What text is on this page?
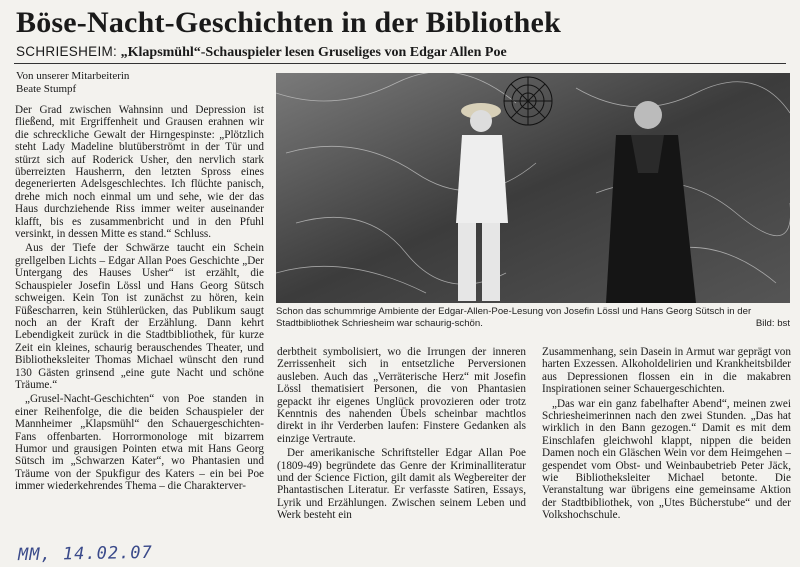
Böse-Nacht-Geschichten in der Bibliothek
SCHRIESHEIM: „Klapsmühl“-Schauspieler lesen Gruseliges von Edgar Allen Poe
Von unserer Mitarbeiterin
Beate Stumpf

Der Grad zwischen Wahnsinn und Depression ist fließend, mit Ergriffenheit und Grausen erahnen wir die schreckliche Gewalt der Hirngespinste: „Plötzlich steht Lady Madeline blutüberströmt in der Tür und stürzt sich auf Roderick Usher, den nervlich stark überreizten Hausherrn, den letzten Spross eines degenerierten Adelsgeschlechtes. Ich flüchte panisch, drehe mich noch einmal um und sehe, wie der das Haus durchziehende Riss immer weiter auseinander klafft, bis es zusammenbricht und in den Pfuhl versinkt, in dessen Mitte es stand.“ Schluss.

Aus der Tiefe der Schwärze taucht ein Schein grellgelben Lichts – Edgar Allan Poes Geschichte „Der Untergang des Hauses Usher“ ist erzählt, die Schauspieler Josefin Lössl und Hans Georg Sütsch schweigen. Kein Ton ist zunächst zu hören, kein Füßescharren, kein Stühlerücken, das Publikum saugt noch an der Kraft der Erzählung. Dann kehrt Lebendigkeit zurück in die Stadtbibliothek, für kurze Zeit ein kleines, schaurig berauschendes Theater, und Bibliotheksleiter Thomas Michael wünscht den rund 130 Gästen grinsend „eine gute Nacht und schöne Träume.“

„Grusel-Nacht-Geschichten“ von Poe standen in einer Reihenfolge, die die beiden Schauspieler der Mannheimer „Klapsmühl“ den Schauergeschichten-Fans offenbarten. Horrormonologe mit bizarrem Humor und grausigen Pointen etwa mit Hans Georg Sütsch im „Schwarzen Kater“, wo Phantasien und Träume von der Spukfigur des Katers – ein bei Poe immer wiederkehrendes Thema – die Charakterver-

Schon das schummrige Ambiente der Edgar-Allen-Poe-Lesung von Josefin Lössl und Hans Georg Sütsch in der Stadtbibliothek Schriesheim war schaurig-schön.	Bild: bst

derbtheit symbolisiert, wo die Irrungen der inneren Zerrissenheit sich in entsetzliche Perversionen ausleben. Auch das „Verräterische Herz“ mit Josefin Lössl thematisiert Personen, die von Phantasien gepackt ihr eigenes Unglück provozieren oder trotz Kenntnis des nahenden Übels scheinbar machtlos direkt in ihr Verderben laufen: Finstere Gedanken als einzige Vertraute.

Der amerikanische Schriftsteller Edgar Allan Poe (1809-49) begründete das Genre der Kriminalliteratur und der Science Fiction, gilt damit als Wegbereiter der Phantastischen Literatur. Er verfasste Satiren, Essays, Lyrik und Erzählungen. Zwischen seinem Leben und Werk besteht ein

Zusammenhang, sein Dasein in Armut war geprägt von harten Exzessen. Alkoholdelirien und Krankheitsbilder aus Depressionen flossen ein in die makabren Inspirationen seiner Schauergeschichten.

„Das war ein ganz fabelhafter Abend“, meinen zwei Schriesheimerinnen nach den zwei Stunden. „Das hat wirklich in den Bann gezogen.“ Damit es mit dem Einschlafen gleichwohl klappt, nippen die beiden Damen noch ein Gläschen Wein vor dem Heimgehen – gespendet vom Obst- und Weinbaubetrieb Peter Jäck, wie Bibliotheksleiter Michael betonte. Die Veranstaltung war übrigens eine gemeinsame Aktion der Stadtbibliothek, von „Utes Bücherstube“ und der Volkshochschule.

MM, 14.02.07
